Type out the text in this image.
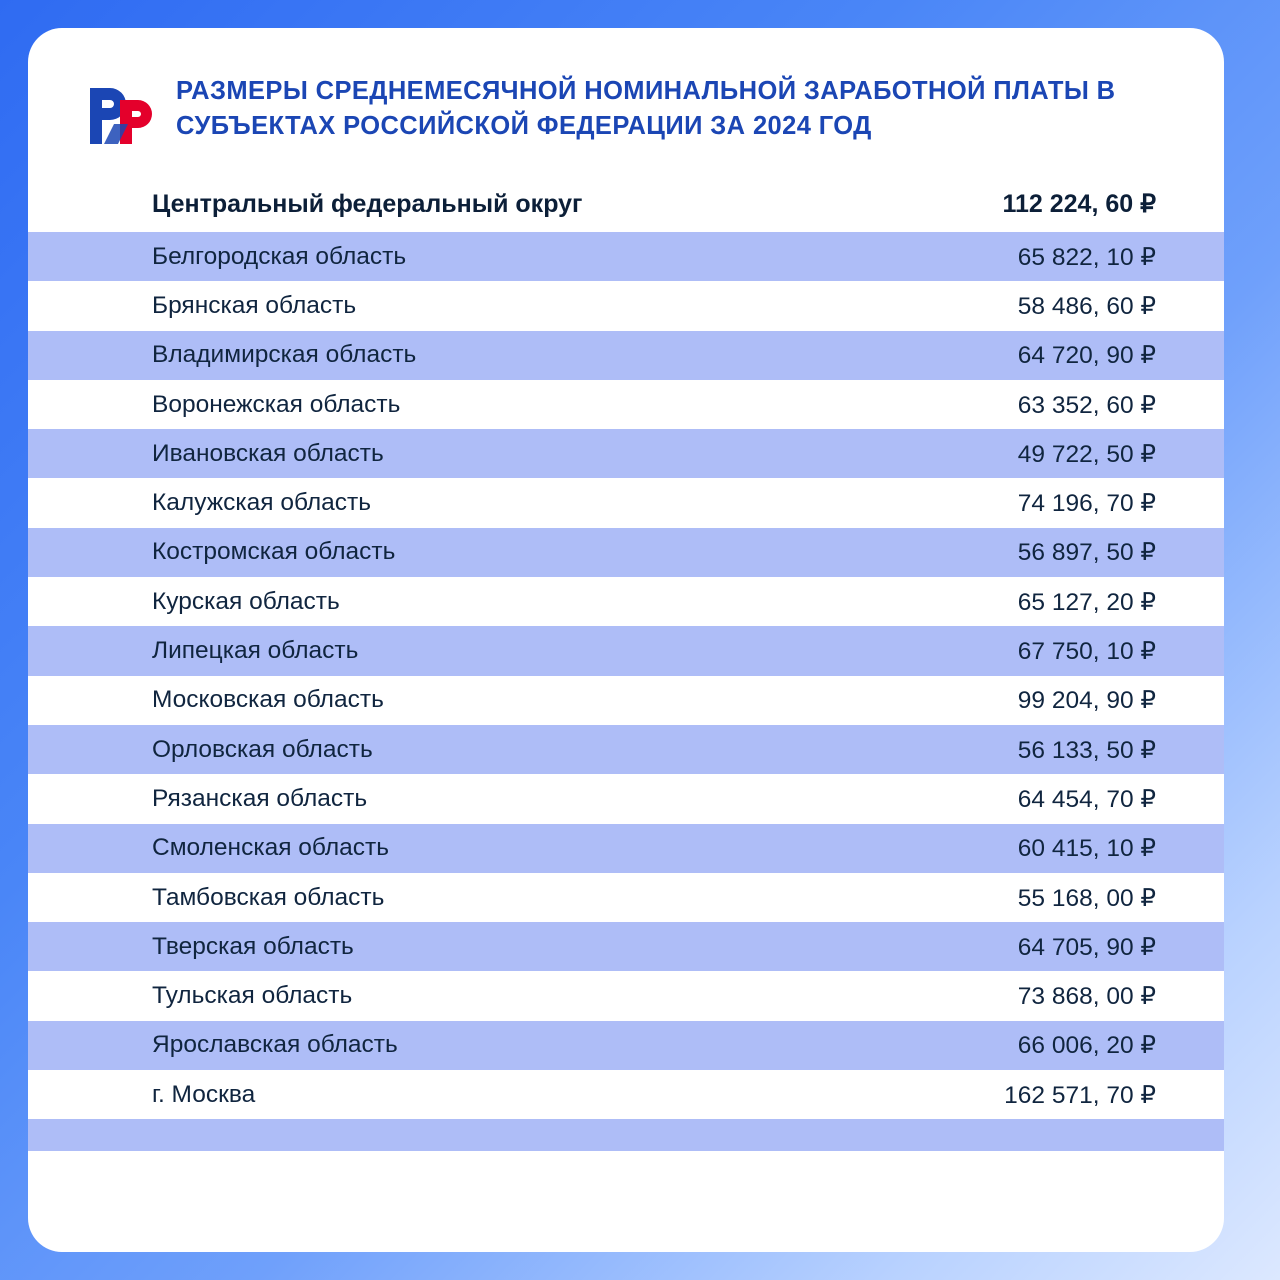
РАЗМЕРЫ СРЕДНЕМЕСЯЧНОЙ НОМИНАЛЬНОЙ ЗАРАБОТНОЙ ПЛАТЫ В СУБЪЕКТАХ РОССИЙСКОЙ ФЕДЕРАЦИИ ЗА 2024 ГОД
Центральный федеральный округ	112 224, 60 ₽
Белгородская область	65 822, 10 ₽
Брянская область	58 486, 60 ₽
Владимирская область	64 720, 90 ₽
Воронежская область	63 352, 60 ₽
Ивановская область	49 722, 50 ₽
Калужская область	74 196, 70 ₽
Костромская область	56 897, 50 ₽
Курская область	65 127, 20 ₽
Липецкая область	67 750, 10 ₽
Московская область	99 204, 90 ₽
Орловская область	56 133, 50 ₽
Рязанская область	64 454, 70 ₽
Смоленская область	60 415, 10 ₽
Тамбовская область	55 168, 00 ₽
Тверская область	64 705, 90 ₽
Тульская область	73 868, 00 ₽
Ярославская область	66 006, 20 ₽
г. Москва	162 571, 70 ₽
